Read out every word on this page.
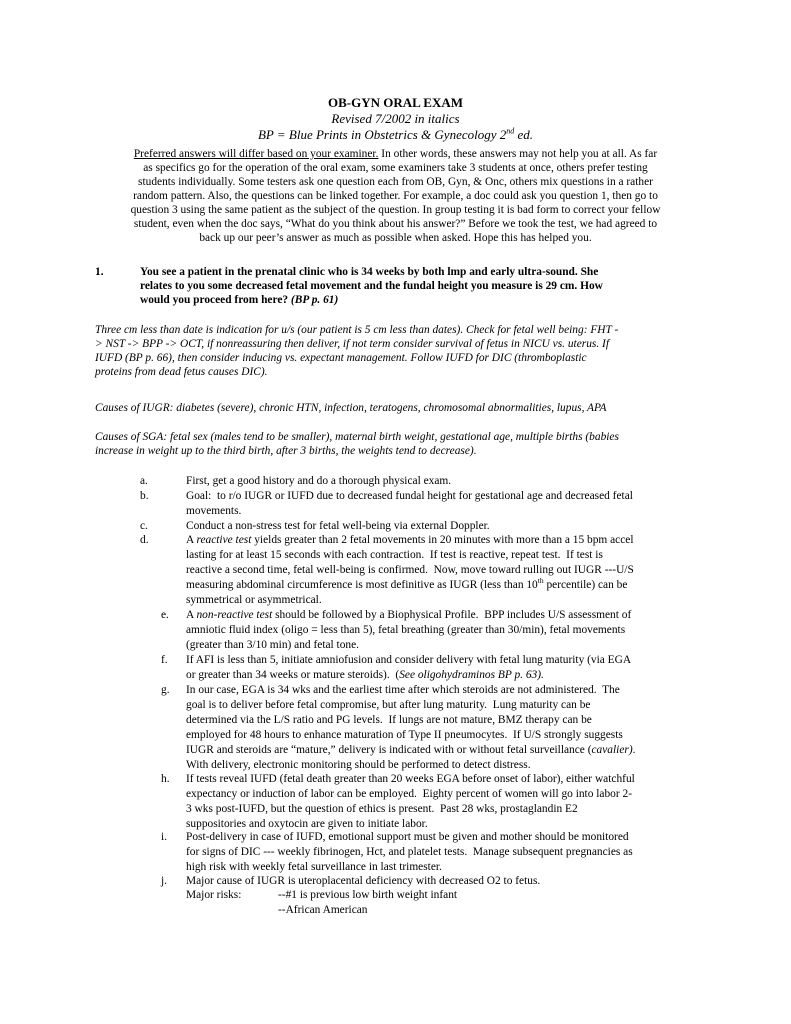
OB-GYN ORAL EXAM
Revised 7/2002 in italics
BP = Blue Prints in Obstetrics & Gynecology 2nd ed.
Preferred answers will differ based on your examiner. In other words, these answers may not help you at all. As far
as specifics go for the operation of the oral exam, some examiners take 3 students at once, others prefer testing
students individually. Some testers ask one question each from OB, Gyn, & Onc, others mix questions in a rather
random pattern. Also, the questions can be linked together. For example, a doc could ask you question 1, then go to
question 3 using the same patient as the subject of the question. In group testing it is bad form to correct your fellow
student, even when the doc says, “What do you think about his answer?” Before we took the test, we had agreed to
back up our peer’s answer as much as possible when asked. Hope this has helped you.
1.	You see a patient in the prenatal clinic who is 34 weeks by both lmp and early ultra-sound. She
relates to you some decreased fetal movement and the fundal height you measure is 29 cm. How
would you proceed from here? (BP p. 61)
Three cm less than date is indication for u/s (our patient is 5 cm less than dates). Check for fetal well being: FHT -
> NST -> BPP -> OCT, if nonreassuring then deliver, if not term consider survival of fetus in NICU vs. uterus. If
IUFD (BP p. 66), then consider inducing vs. expectant management. Follow IUFD for DIC (thromboplastic
proteins from dead fetus causes DIC).
Causes of IUGR: diabetes (severe), chronic HTN, infection, teratogens, chromosomal abnormalities, lupus, APA
Causes of SGA: fetal sex (males tend to be smaller), maternal birth weight, gestational age, multiple births (babies
increase in weight up to the third birth, after 3 births, the weights tend to decrease).
a.	First, get a good history and do a thorough physical exam.
b.	Goal:  to r/o IUGR or IUFD due to decreased fundal height for gestational age and decreased fetal
movements.
c.	Conduct a non-stress test for fetal well-being via external Doppler.
d.	A reactive test yields greater than 2 fetal movements in 20 minutes with more than a 15 bpm accel
lasting for at least 15 seconds with each contraction.  If test is reactive, repeat test.  If test is
reactive a second time, fetal well-being is confirmed.  Now, move toward rulling out IUGR ---U/S
measuring abdominal circumference is most definitive as IUGR (less than 10th percentile) can be
symmetrical or asymmetrical.
e. A non-reactive test should be followed by a Biophysical Profile.  BPP includes U/S assessment of
amniotic fluid index (oligo = less than 5), fetal breathing (greater than 30/min), fetal movements
(greater than 3/10 min) and fetal tone.
f. If AFI is less than 5, initiate amniofusion and consider delivery with fetal lung maturity (via EGA
or greater than 34 weeks or mature steroids).  (See oligohydraminos BP p. 63).
g. In our case, EGA is 34 wks and the earliest time after which steroids are not administered.  The
goal is to deliver before fetal compromise, but after lung maturity.  Lung maturity can be
determined via the L/S ratio and PG levels.  If lungs are not mature, BMZ therapy can be
employed for 48 hours to enhance maturation of Type II pneumocytes.  If U/S strongly suggests
IUGR and steroids are “mature,” delivery is indicated with or without fetal surveillance (cavalier).
With delivery, electronic monitoring should be performed to detect distress.
h. If tests reveal IUFD (fetal death greater than 20 weeks EGA before onset of labor), either watchful
expectancy or induction of labor can be employed.  Eighty percent of women will go into labor 2-
3 wks post-IUFD, but the question of ethics is present.  Past 28 wks, prostaglandin E2
suppositories and oxytocin are given to initiate labor.
i. Post-delivery in case of IUFD, emotional support must be given and mother should be monitored
for signs of DIC --- weekly fibrinogen, Hct, and platelet tests.  Manage subsequent pregnancies as
high risk with weekly fetal surveillance in last trimester.
j. Major cause of IUGR is uteroplacental deficiency with decreased O2 to fetus.
Major risks:	--#1 is previous low birth weight infant
--African American
